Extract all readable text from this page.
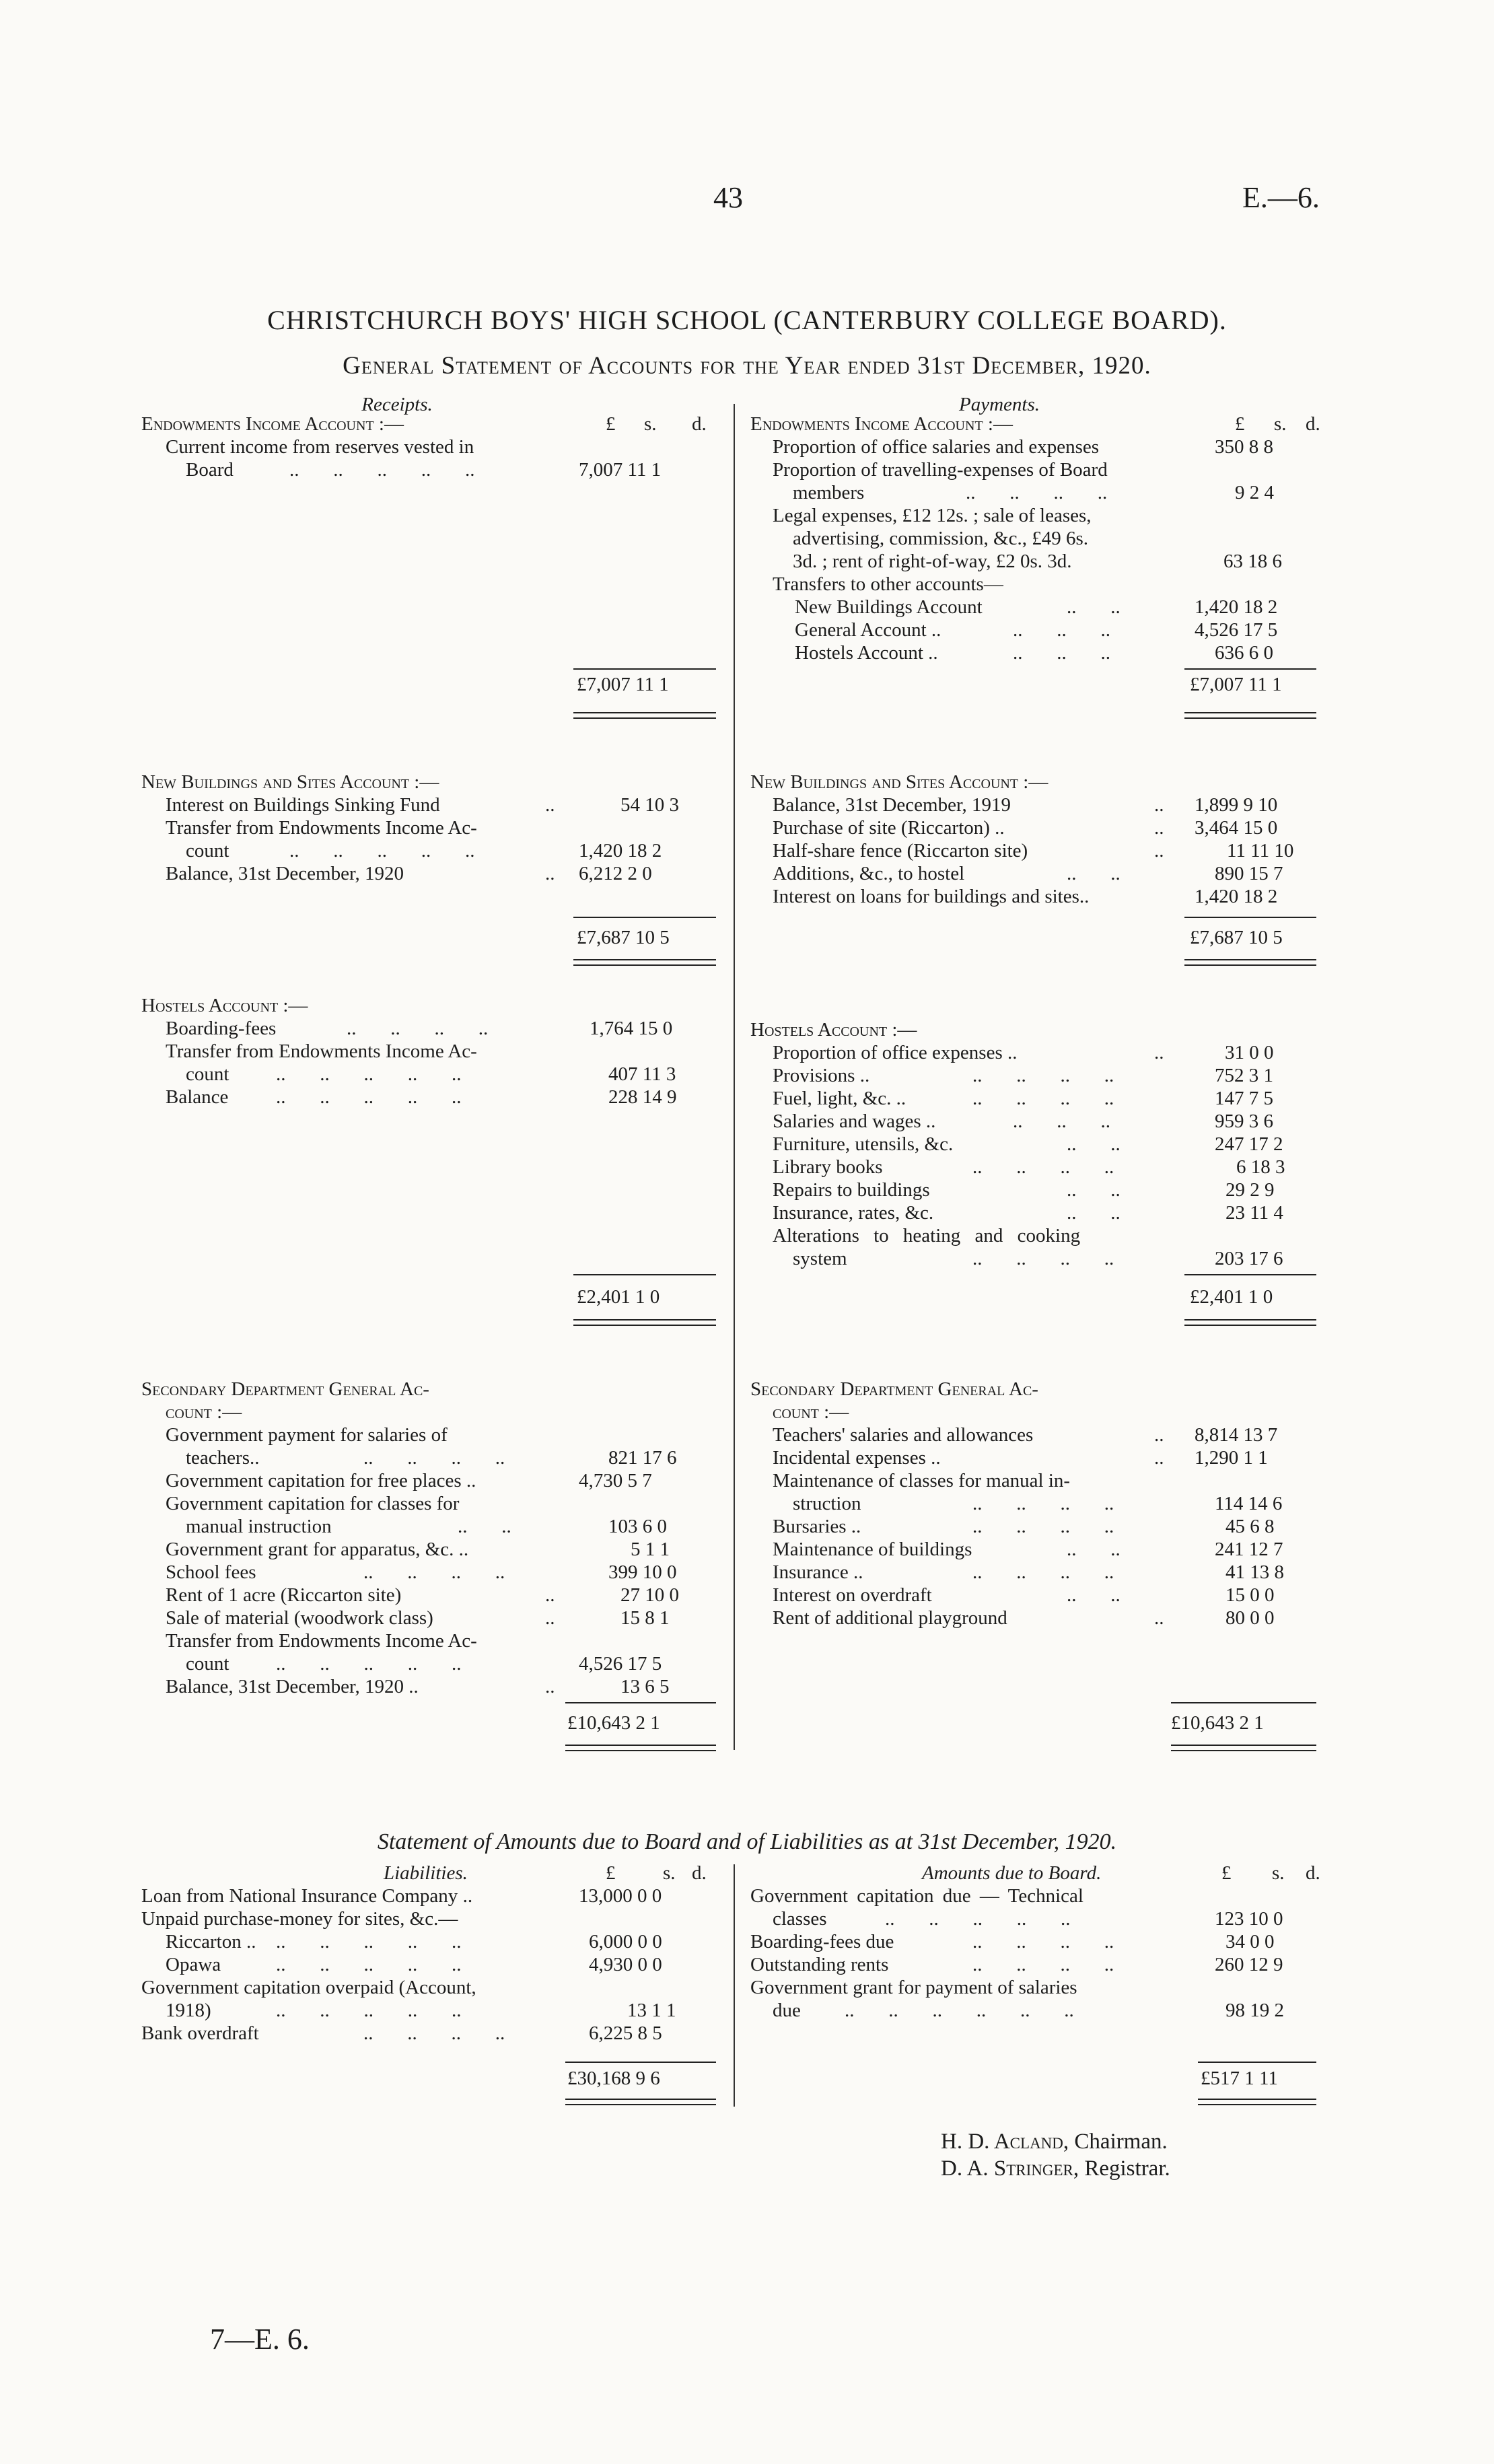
43	E.—6.
CHRISTCHURCH BOYS' HIGH SCHOOL (CANTERBURY COLLEGE BOARD).
General Statement of Accounts for the Year ended 31st December, 1920.
Receipts.	Payments.
Endowments Income Account :—	£ s. d.
Current income from reserves vested in
Board	..       ..       ..       ..       ..	7,007 11 1
£7,007 11 1
New Buildings and Sites Account :—
Interest on Buildings Sinking Fund	..	54 10 3
Transfer from Endowments Income Ac-
count	..       ..       ..       ..       ..	1,420 18 2
Balance, 31st December, 1920	.. 6,212 2 0
£7,687 10 5
Hostels Account :—
Boarding-fees	..       ..       ..       ..	1,764 15 0
Transfer from Endowments Income Ac-
count ..       ..       ..       ..       ..	407 11 3
Balance ..       ..       ..       ..       ..	228 14 9
£2,401 1 0
Secondary Department General Ac-
count :—
Government payment for salaries of
teachers..	..       ..       ..       ..	821 17 6
Government capitation for free places ..	4,730 5 7
Government capitation for classes for
manual instruction	..       ..	103 6 0
Government grant for apparatus, &c. ..	5 1 1
School fees	..       ..       ..       ..	399 10 0
Rent of 1 acre (Riccarton site)	..	27 10 0
Sale of material (woodwork class)	..	15 8 1
Transfer from Endowments Income Ac-
count ..       ..       ..       ..       ..	4,526 17 5
Balance, 31st December, 1920 ..	..	13 6 5
£10,643 2 1
Endowments Income Account :—	£ s. d.
Proportion of office salaries and expenses	350 8 8
Proportion of travelling-expenses of Board
members	..       ..       ..       ..	9 2 4
Legal expenses, £12 12s. ; sale of leases,
advertising, commission, &c., £49 6s.
3d. ; rent of right-of-way, £2 0s. 3d.	63 18 6
Transfers to other accounts—
New Buildings Account	..       ..	1,420 18 2
General Account ..	..       ..       ..	4,526 17 5
Hostels Account ..	..       ..       ..	636 6 0
£7,007 11 1
New Buildings and Sites Account :—
Balance, 31st December, 1919	.. 1,899 9 10
Purchase of site (Riccarton) ..	.. 3,464 15 0
Half-share fence (Riccarton site)	..	11 11 10
Additions, &c., to hostel	..       ..	890 15 7
Interest on loans for buildings and sites..	1,420 18 2
£7,687 10 5
Hostels Account :—
Proportion of office expenses ..	..	31 0 0
Provisions ..	..       ..       ..       ..	752 3 1
Fuel, light, &c. ..	..       ..       ..       ..	147 7 5
Salaries and wages ..	..       ..       ..	959 3 6
Furniture, utensils, &c.	..       ..	247 17 2
Library books	..       ..       ..       ..	6 18 3
Repairs to buildings	..       ..	29 2 9
Insurance, rates, &c.	..       ..	23 11 4
Alterations to heating and cooking
system	..       ..       ..       ..	203 17 6
£2,401 1 0
Secondary Department General Ac-
count :—
Teachers' salaries and allowances	.. 8,814 13 7
Incidental expenses ..	.. 1,290 1 1
Maintenance of classes for manual in-
struction	..       ..       ..       ..	114 14 6
Bursaries ..	..       ..       ..       ..	45 6 8
Maintenance of buildings	..       ..	241 12 7
Insurance ..	..       ..       ..       ..	41 13 8
Interest on overdraft	..       ..	15 0 0
Rent of additional playground	..	80 0 0
£10,643 2 1
Statement of Amounts due to Board and of Liabilities as at 31st December, 1920.
Liabilities.	£ s. d.
Loan from National Insurance Company ..	13,000 0 0
Unpaid purchase-money for sites, &c.—
Riccarton .. ..       ..       ..       ..       ..	6,000 0 0
Opawa	..       ..       ..       ..       ..	4,930 0 0
Government capitation overpaid (Account,
1918)	..       ..       ..       ..       ..	13 1 1
Bank overdraft	..       ..       ..       ..	6,225 8 5
£30,168 9 6
Amounts due to Board.	£ s. d.
Government capitation due — Technical
classes	..       ..       ..       ..       ..	123 10 0
Boarding-fees due	..       ..       ..       ..	34 0 0
Outstanding rents	..       ..       ..       ..	260 12 9
Government grant for payment of salaries
due ..       ..       ..       ..       ..       ..	98 19 2
£517 1 11
H. D. Acland, Chairman.
D. A. Stringer, Registrar.
7—E. 6.
